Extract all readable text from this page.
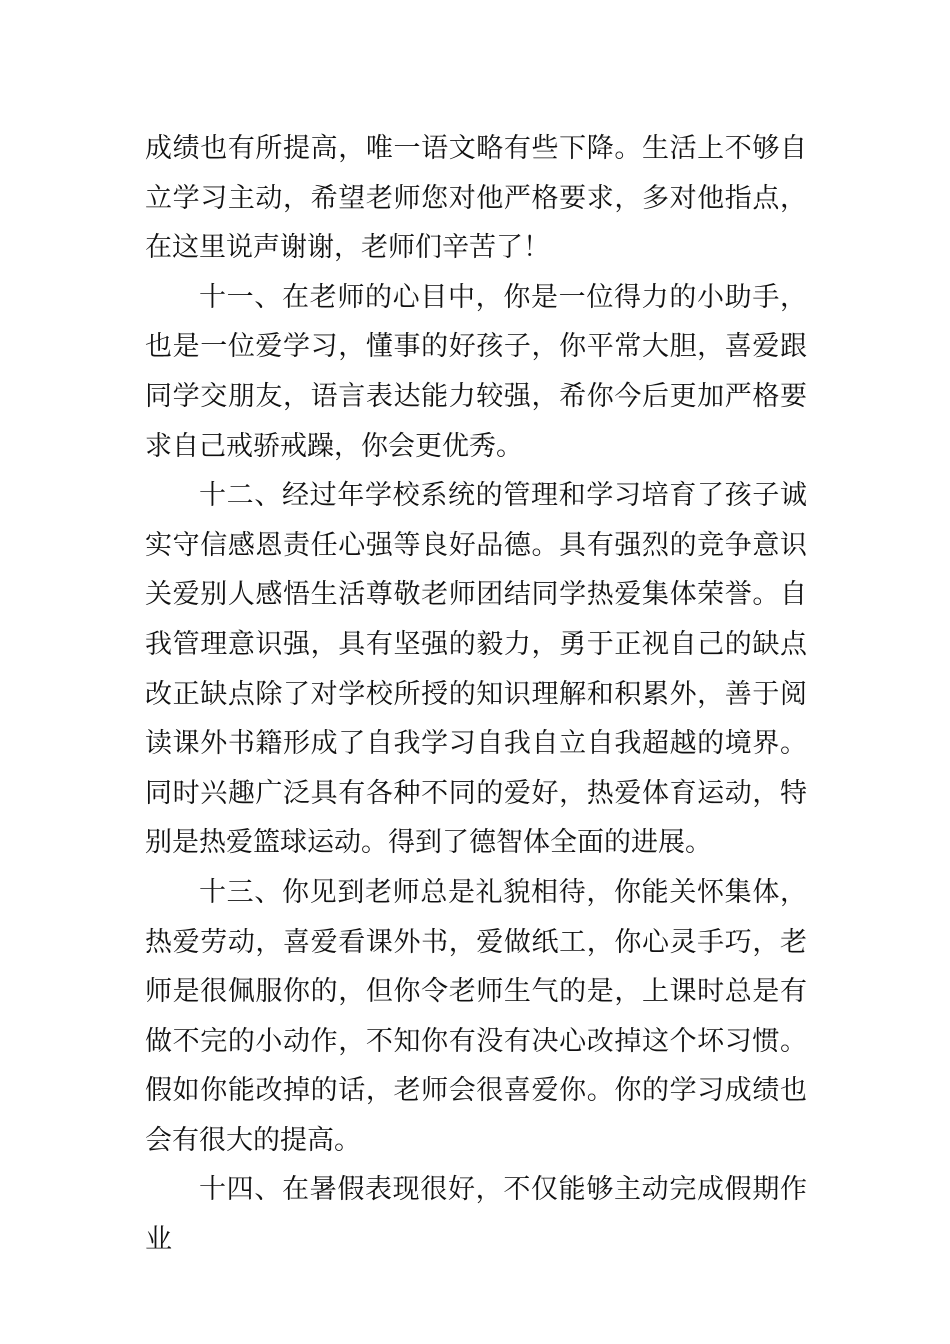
成绩也有所提高，唯一语文略有些下降。生活上不够自立学习主动，希望老师您对他严格要求，多对他指点，在这里说声谢谢，老师们辛苦了！

十一、在老师的心目中，你是一位得力的小助手，也是一位爱学习，懂事的好孩子，你平常大胆，喜爱跟同学交朋友，语言表达能力较强，希你今后更加严格要求自己戒骄戒躁，你会更优秀。

十二、经过年学校系统的管理和学习培育了孩子诚实守信感恩责任心强等良好品德。具有强烈的竞争意识关爱别人感悟生活尊敬老师团结同学热爱集体荣誉。自我管理意识强，具有坚强的毅力，勇于正视自己的缺点改正缺点除了对学校所授的知识理解和积累外，善于阅读课外书籍形成了自我学习自我自立自我超越的境界。同时兴趣广泛具有各种不同的爱好，热爱体育运动，特别是热爱篮球运动。得到了德智体全面的进展。

十三、你见到老师总是礼貌相待，你能关怀集体，热爱劳动，喜爱看课外书，爱做纸工，你心灵手巧，老师是很佩服你的，但你令老师生气的是，上课时总是有做不完的小动作，不知你有没有决心改掉这个坏习惯。假如你能改掉的话，老师会很喜爱你。你的学习成绩也会有很大的提高。

十四、在暑假表现很好，不仅能够主动完成假期作业
